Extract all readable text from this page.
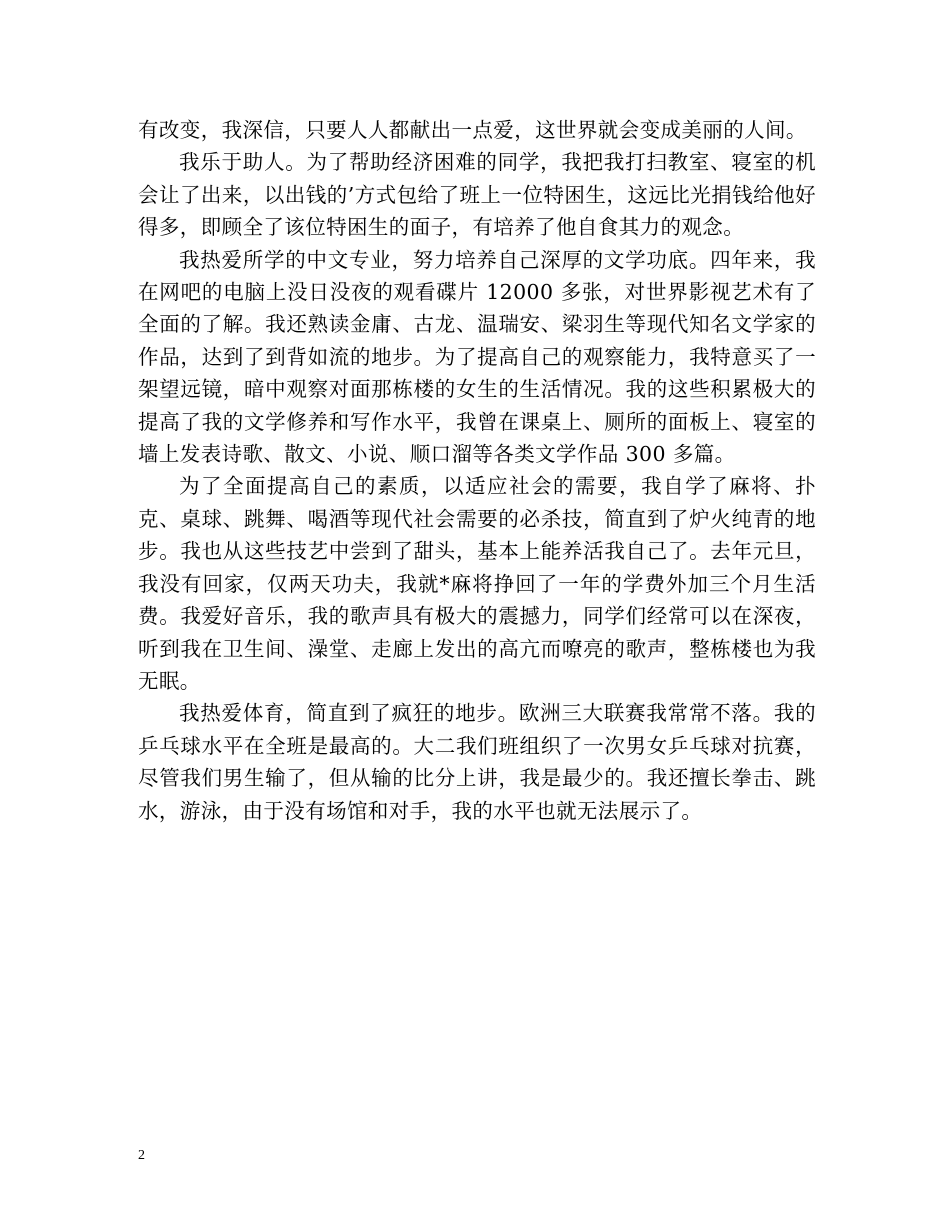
有改变，我深信，只要人人都献出一点爱，这世界就会变成美丽的人间。

我乐于助人。为了帮助经济困难的同学，我把我打扫教室、寝室的机会让了出来，以出钱的’方式包给了班上一位特困生，这远比光捐钱给他好得多，即顾全了该位特困生的面子，有培养了他自食其力的观念。

我热爱所学的中文专业，努力培养自己深厚的文学功底。四年来，我在网吧的电脑上没日没夜的观看碟片 12000 多张，对世界影视艺术有了全面的了解。我还熟读金庸、古龙、温瑞安、梁羽生等现代知名文学家的作品，达到了到背如流的地步。为了提高自己的观察能力，我特意买了一架望远镜，暗中观察对面那栋楼的女生的生活情况。我的这些积累极大的提高了我的文学修养和写作水平，我曾在课桌上、厕所的面板上、寝室的墙上发表诗歌、散文、小说、顺口溜等各类文学作品 300 多篇。

为了全面提高自己的素质，以适应社会的需要，我自学了麻将、扑克、桌球、跳舞、喝酒等现代社会需要的必杀技，简直到了炉火纯青的地步。我也从这些技艺中尝到了甜头，基本上能养活我自己了。去年元旦，我没有回家，仅两天功夫，我就*麻将挣回了一年的学费外加三个月生活费。我爱好音乐，我的歌声具有极大的震撼力，同学们经常可以在深夜，听到我在卫生间、澡堂、走廊上发出的高亢而嘹亮的歌声，整栋楼也为我无眠。

我热爱体育，简直到了疯狂的地步。欧洲三大联赛我常常不落。我的乒乓球水平在全班是最高的。大二我们班组织了一次男女乒乓球对抗赛，尽管我们男生输了，但从输的比分上讲，我是最少的。我还擅长拳击、跳水，游泳，由于没有场馆和对手，我的水平也就无法展示了。

2
